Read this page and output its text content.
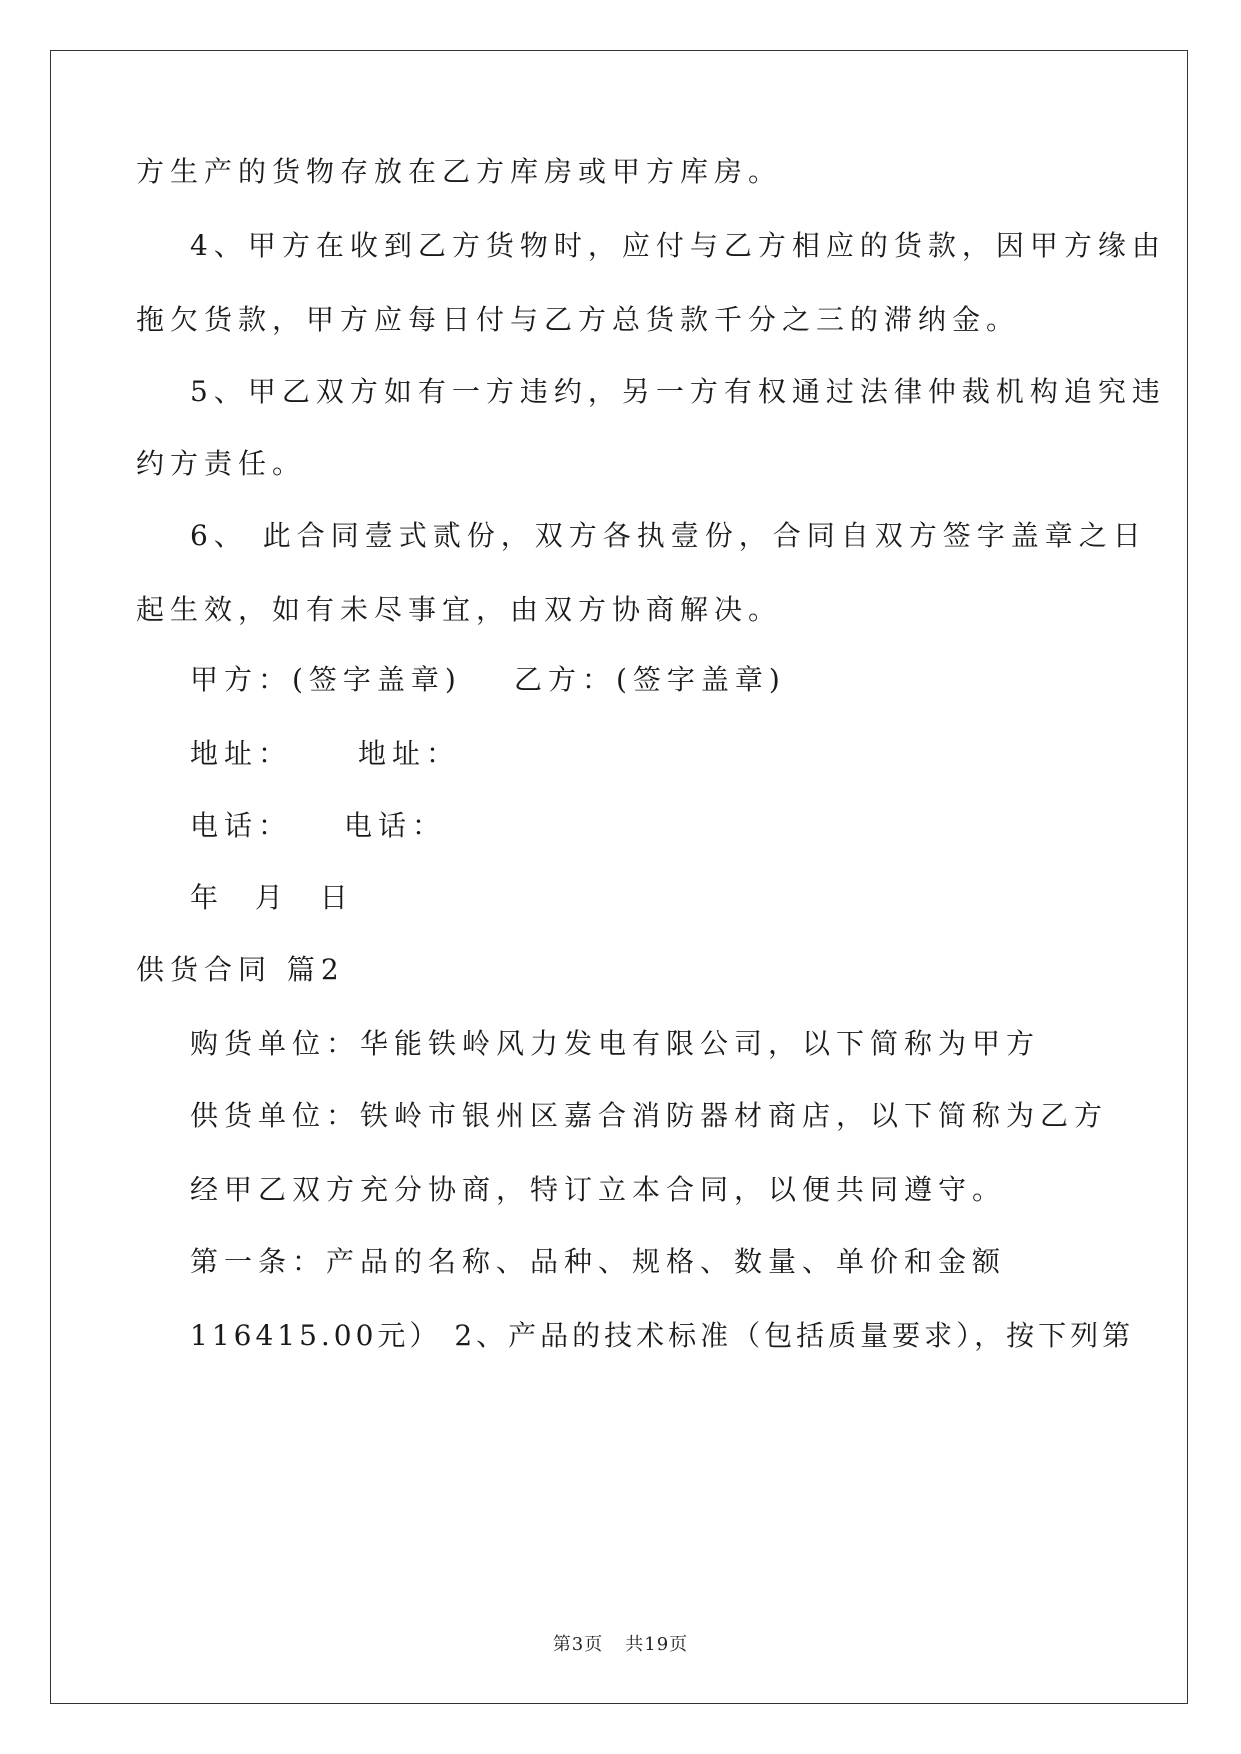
方生产的货物存放在乙方库房或甲方库房。
4、甲方在收到乙方货物时，应付与乙方相应的货款，因甲方缘由
拖欠货款，甲方应每日付与乙方总货款千分之三的滞纳金。
5、甲乙双方如有一方违约，另一方有权通过法律仲裁机构追究违
约方责任。
6、 此合同壹式贰份，双方各执壹份，合同自双方签字盖章之日
起生效，如有未尽事宜，由双方协商解决。
甲方：(签字盖章) 乙方：(签字盖章)
地址： 地址：
电话： 电话：
年 月 日
供货合同 篇2
购货单位：华能铁岭风力发电有限公司，以下简称为甲方
供货单位：铁岭市银州区嘉合消防器材商店，以下简称为乙方
经甲乙双方充分协商，特订立本合同，以便共同遵守。
第一条：产品的名称、品种、规格、数量、单价和金额
116415.00元） 2、产品的技术标准（包括质量要求），按下列第
第3页 共19页
